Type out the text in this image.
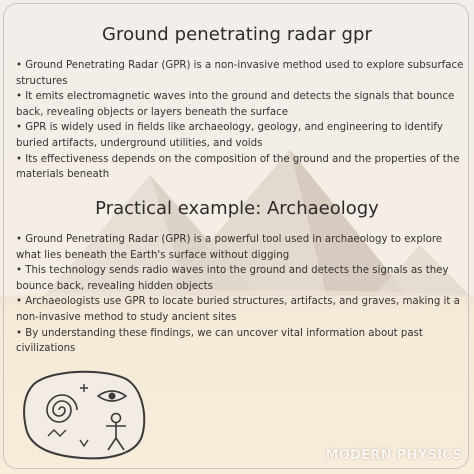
Ground penetrating radar gpr
• Ground Penetrating Radar (GPR) is a non-invasive method used to explore subsurface structures
• It emits electromagnetic waves into the ground and detects the signals that bounce back, revealing objects or layers beneath the surface
• GPR is widely used in fields like archaeology, geology, and engineering to identify buried artifacts, underground utilities, and voids
• Its effectiveness depends on the composition of the ground and the properties of the materials beneath
Practical example: Archaeology
• Ground Penetrating Radar (GPR) is a powerful tool used in archaeology to explore what lies beneath the Earth's surface without digging
• This technology sends radio waves into the ground and detects the signals as they bounce back, revealing hidden objects
• Archaeologists use GPR to locate buried structures, artifacts, and graves, making it a non-invasive method to study ancient sites
• By understanding these findings, we can uncover vital information about past civilizations
MODERN PHYSICS
